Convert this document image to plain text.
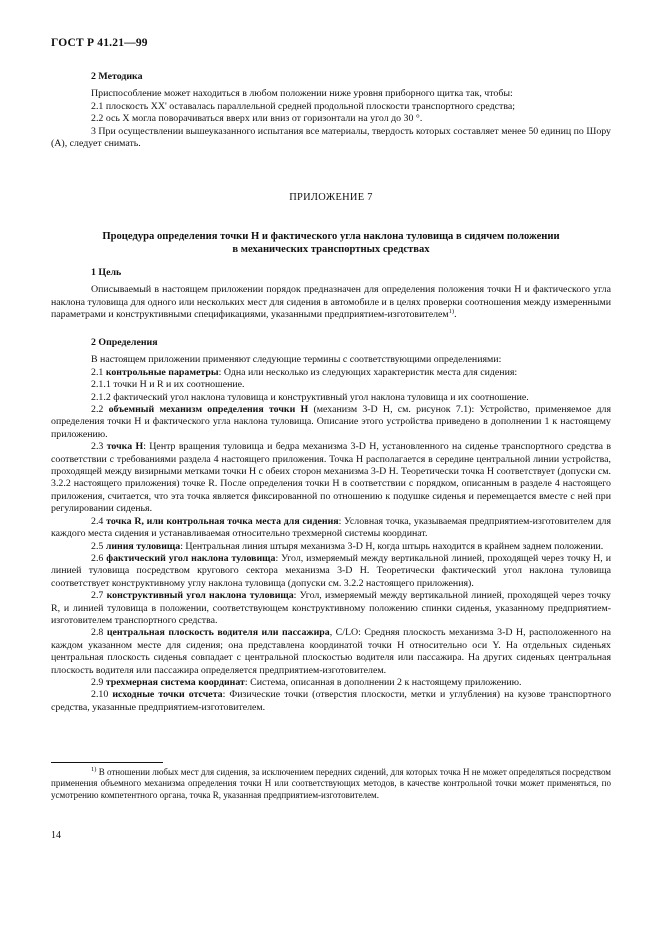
ГОСТ Р 41.21—99

2 Методика

Приспособление может находиться в любом положении ниже уровня приборного щитка так, чтобы:

2.1 плоскость XX' оставалась параллельной средней продольной плоскости транспортного средства;

2.2 ось X могла поворачиваться вверх или вниз от горизонтали на угол до 30 °.

3 При осуществлении вышеуказанного испытания все материалы, твердость которых составляет менее 50 единиц по Шору (А), следует снимать.

ПРИЛОЖЕНИЕ 7

Процедура определения точки H и фактического угла наклона туловища в сидячем положении

в механических транспортных средствах

1 Цель

Описываемый в настоящем приложении порядок предназначен для определения положения точки H и фактического угла наклона туловища для одного или нескольких мест для сидения в автомобиле и в целях проверки соотношения между измеренными параметрами и конструктивными спецификациями, указанными предприятием-изготовителем$^{1)}$.

2 Определения

В настоящем приложении применяют следующие термины с соответствующими определениями:

2.1 контрольные параметры: Одна или несколько из следующих характеристик места для сидения:

2.1.1 точки H и R и их соотношение.

2.1.2 фактический угол наклона туловища и конструктивный угол наклона туловища и их соотношение.

2.2 объемный механизм определения точки H (механизм 3-D H, см. рисунок 7.1): Устройство, применяемое для определения точки H и фактического угла наклона туловища. Описание этого устройства приведено в дополнении 1 к настоящему приложению.

2.3 точка H: Центр вращения туловища и бедра механизма 3-D H, установленного на сиденье транспортного средства в соответствии с требованиями раздела 4 настоящего приложения. Точка H располагается в середине центральной линии устройства, проходящей между визирными метками точки H с обеих сторон механизма 3-D H. Теоретически точка H соответствует (допуски см. 3.2.2 настоящего приложения) точке R. После определения точки H в соответствии с порядком, описанным в разделе 4 настоящего приложения, считается, что эта точка является фиксированной по отношению к подушке сиденья и перемещается вместе с ней при регулировании сиденья.

2.4 точка R, или контрольная точка места для сидения: Условная точка, указываемая предприятием-изготовителем для каждого места сидения и устанавливаемая относительно трехмерной системы координат.

2.5 линия туловища: Центральная линия штыря механизма 3-D H, когда штырь находится в крайнем заднем положении.

2.6 фактический угол наклона туловища: Угол, измеряемый между вертикальной линией, проходящей через точку H, и линией туловища посредством кругового сектора механизма 3-D H. Теоретически фактический угол наклона туловища соответствует конструктивному углу наклона туловища (допуски см. 3.2.2 настоящего приложения).

2.7 конструктивный угол наклона туловища: Угол, измеряемый между вертикальной линией, проходящей через точку R, и линией туловища в положении, соответствующем конструктивному положению спинки сиденья, указанному предприятием-изготовителем транспортного средства.

2.8 центральная плоскость водителя или пассажира, C/LO: Средняя плоскость механизма 3-D H, расположенного на каждом указанном месте для сидения; она представлена координатой точки H относительно оси Y. На отдельных сиденьях центральная плоскость сиденья совпадает с центральной плоскостью водителя или пассажира. На других сиденьях центральная плоскость водителя или пассажира определяется предприятием-изготовителем.

2.9 трехмерная система координат: Система, описанная в дополнении 2 к настоящему приложению.

2.10 исходные точки отсчета: Физические точки (отверстия плоскости, метки и углубления) на кузове транспортного средства, указанные предприятием-изготовителем.

$^{1)}$ В отношении любых мест для сидения, за исключением передних сидений, для которых точка H не может определяться посредством применения объемного механизма определения точки H или соответствующих методов, в качестве контрольной точки может применяться, по усмотрению компетентного органа, точка R, указанная предприятием-изготовителем.

14
